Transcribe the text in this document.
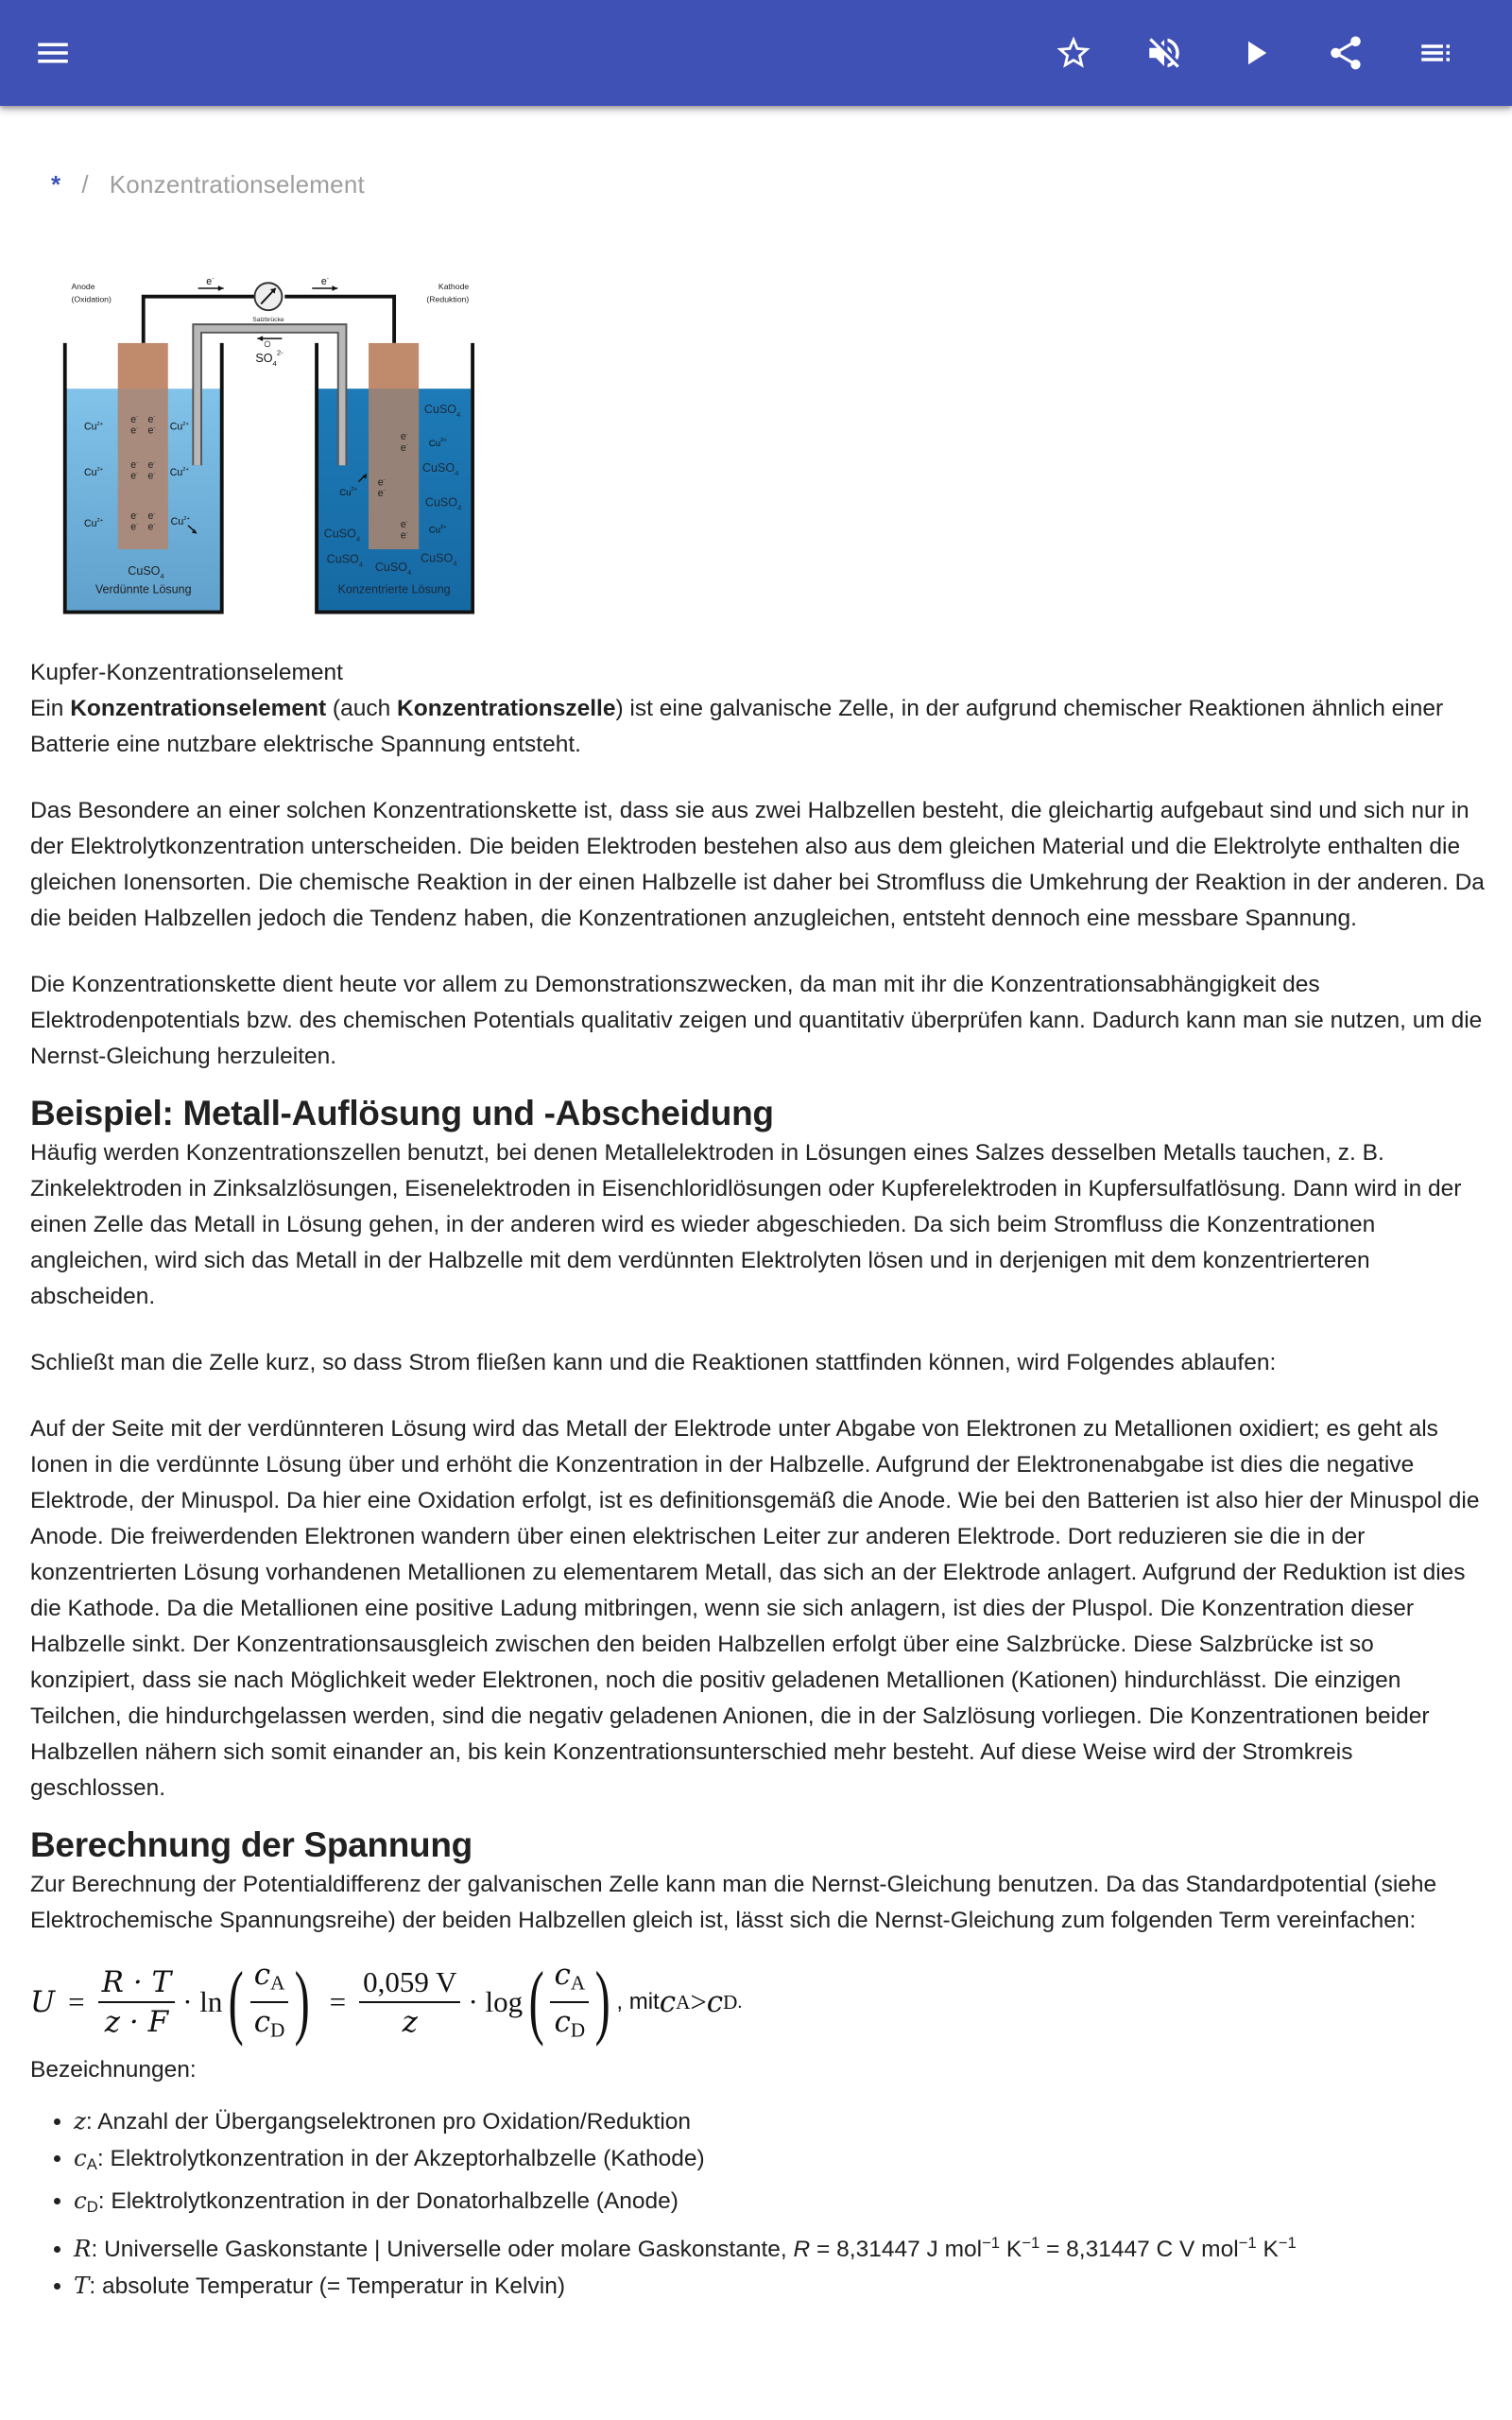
* / Konzentrationselement
e-	e-
Anode
(Oxidation)
Kathode
(Reduktion)
Salzbrücke
$SO_4^{2-}$
$Cu^{2+}$
$Cu^{2+}$
$Cu^{2+}$
$Cu^{2+}$
$Cu^{2+}$
$Cu^{2+}$
e- e-
e- e-
e- e-
e- e-
e- e-
e- e-
CuSO$_4$
Verdünnte Lösung
CuSO$_4$
CuSO$_4$
CuSO$_4$
CuSO$_4$
CuSO$_4$ CuSO$_4$
CuSO$_4$
$Cu^{2+}$
$Cu^{2+}$
$Cu^{2+}$
e-
e-
e-
e-
e-
e-
Konzentrierte Lösung

Kupfer-Konzentrationselement

Ein Konzentrationselement (auch Konzentrationszelle) ist eine galvanische Zelle, in der aufgrund chemischer Reaktionen ähnlich einer Batterie eine nutzbare elektrische Spannung entsteht.

Das Besondere an einer solchen Konzentrationskette ist, dass sie aus zwei Halbzellen besteht, die gleichartig aufgebaut sind und sich nur in der Elektrolytkonzentration unterscheiden. Die beiden Elektroden bestehen also aus dem gleichen Material und die Elektrolyte enthalten die gleichen Ionensorten. Die chemische Reaktion in der einen Halbzelle ist daher bei Stromfluss die Umkehrung der Reaktion in der anderen. Da die beiden Halbzellen jedoch die Tendenz haben, die Konzentrationen anzugleichen, entsteht dennoch eine messbare Spannung.

Die Konzentrationskette dient heute vor allem zu Demonstrationszwecken, da man mit ihr die Konzentrationsabhängigkeit des Elektrodenpotentials bzw. des chemischen Potentials qualitativ zeigen und quantitativ überprüfen kann. Dadurch kann man sie nutzen, um die Nernst-Gleichung herzuleiten.

Beispiel: Metall-Auflösung und -Abscheidung

Häufig werden Konzentrationszellen benutzt, bei denen Metallelektroden in Lösungen eines Salzes desselben Metalls tauchen, z. B. Zinkelektroden in Zinksalzlösungen, Eisenelektroden in Eisenchloridlösungen oder Kupferelektroden in Kupfersulfatlösung. Dann wird in der einen Zelle das Metall in Lösung gehen, in der anderen wird es wieder abgeschieden. Da sich beim Stromfluss die Konzentrationen angleichen, wird sich das Metall in der Halbzelle mit dem verdünnten Elektrolyten lösen und in derjenigen mit dem konzentrierteren abscheiden.

Schließt man die Zelle kurz, so dass Strom fließen kann und die Reaktionen stattfinden können, wird Folgendes ablaufen:

Auf der Seite mit der verdünnteren Lösung wird das Metall der Elektrode unter Abgabe von Elektronen zu Metallionen oxidiert; es geht als Ionen in die verdünnte Lösung über und erhöht die Konzentration in der Halbzelle. Aufgrund der Elektronenabgabe ist dies die negative Elektrode, der Minuspol. Da hier eine Oxidation erfolgt, ist es definitionsgemäß die Anode. Wie bei den Batterien ist also hier der Minuspol die Anode. Die freiwerdenden Elektronen wandern über einen elektrischen Leiter zur anderen Elektrode. Dort reduzieren sie die in der konzentrierten Lösung vorhandenen Metallionen zu elementarem Metall, das sich an der Elektrode anlagert. Aufgrund der Reduktion ist dies die Kathode. Da die Metallionen eine positive Ladung mitbringen, wenn sie sich anlagern, ist dies der Pluspol. Die Konzentration dieser Halbzelle sinkt. Der Konzentrationsausgleich zwischen den beiden Halbzellen erfolgt über eine Salzbrücke. Diese Salzbrücke ist so konzipiert, dass sie nach Möglichkeit weder Elektronen, noch die positiv geladenen Metallionen (Kationen) hindurchlässt. Die einzigen Teilchen, die hindurchgelassen werden, sind die negativ geladenen Anionen, die in der Salzlösung vorliegen. Die Konzentrationen beider Halbzellen nähern sich somit einander an, bis kein Konzentrationsunterschied mehr besteht. Auf diese Weise wird der Stromkreis geschlossen.

Berechnung der Spannung

Zur Berechnung der Potentialdifferenz der galvanischen Zelle kann man die Nernst-Gleichung benutzen. Da das Standardpotential (siehe Elektrochemische Spannungsreihe) der beiden Halbzellen gleich ist, lässt sich die Nernst-Gleichung zum folgenden Term vereinfachen:

$U = \frac{R \cdot T}{z \cdot F} \cdot \ln$ ( $\frac{c_A}{c_D}$ ) = $\frac{0,059 V}{z} \cdot \log$ ( $\frac{c_A}{c_D}$ ) , mit c A > c D .

Bezeichnungen:

• z: Anzahl der Übergangselektronen pro Oxidation/Reduktion
• $c_A$: Elektrolytkonzentration in der Akzeptorhalbzelle (Kathode)
• $c_D$: Elektrolytkonzentration in der Donatorhalbzelle (Anode)
• R: Universelle Gaskonstante | Universelle oder molare Gaskonstante, R = 8,31447 J mol$^{-1}$ $K^{-1} = 8,31447$ C V mol$^{-1}$ $K^{-1}$
• T: absolute Temperatur (= Temperatur in Kelvin)
